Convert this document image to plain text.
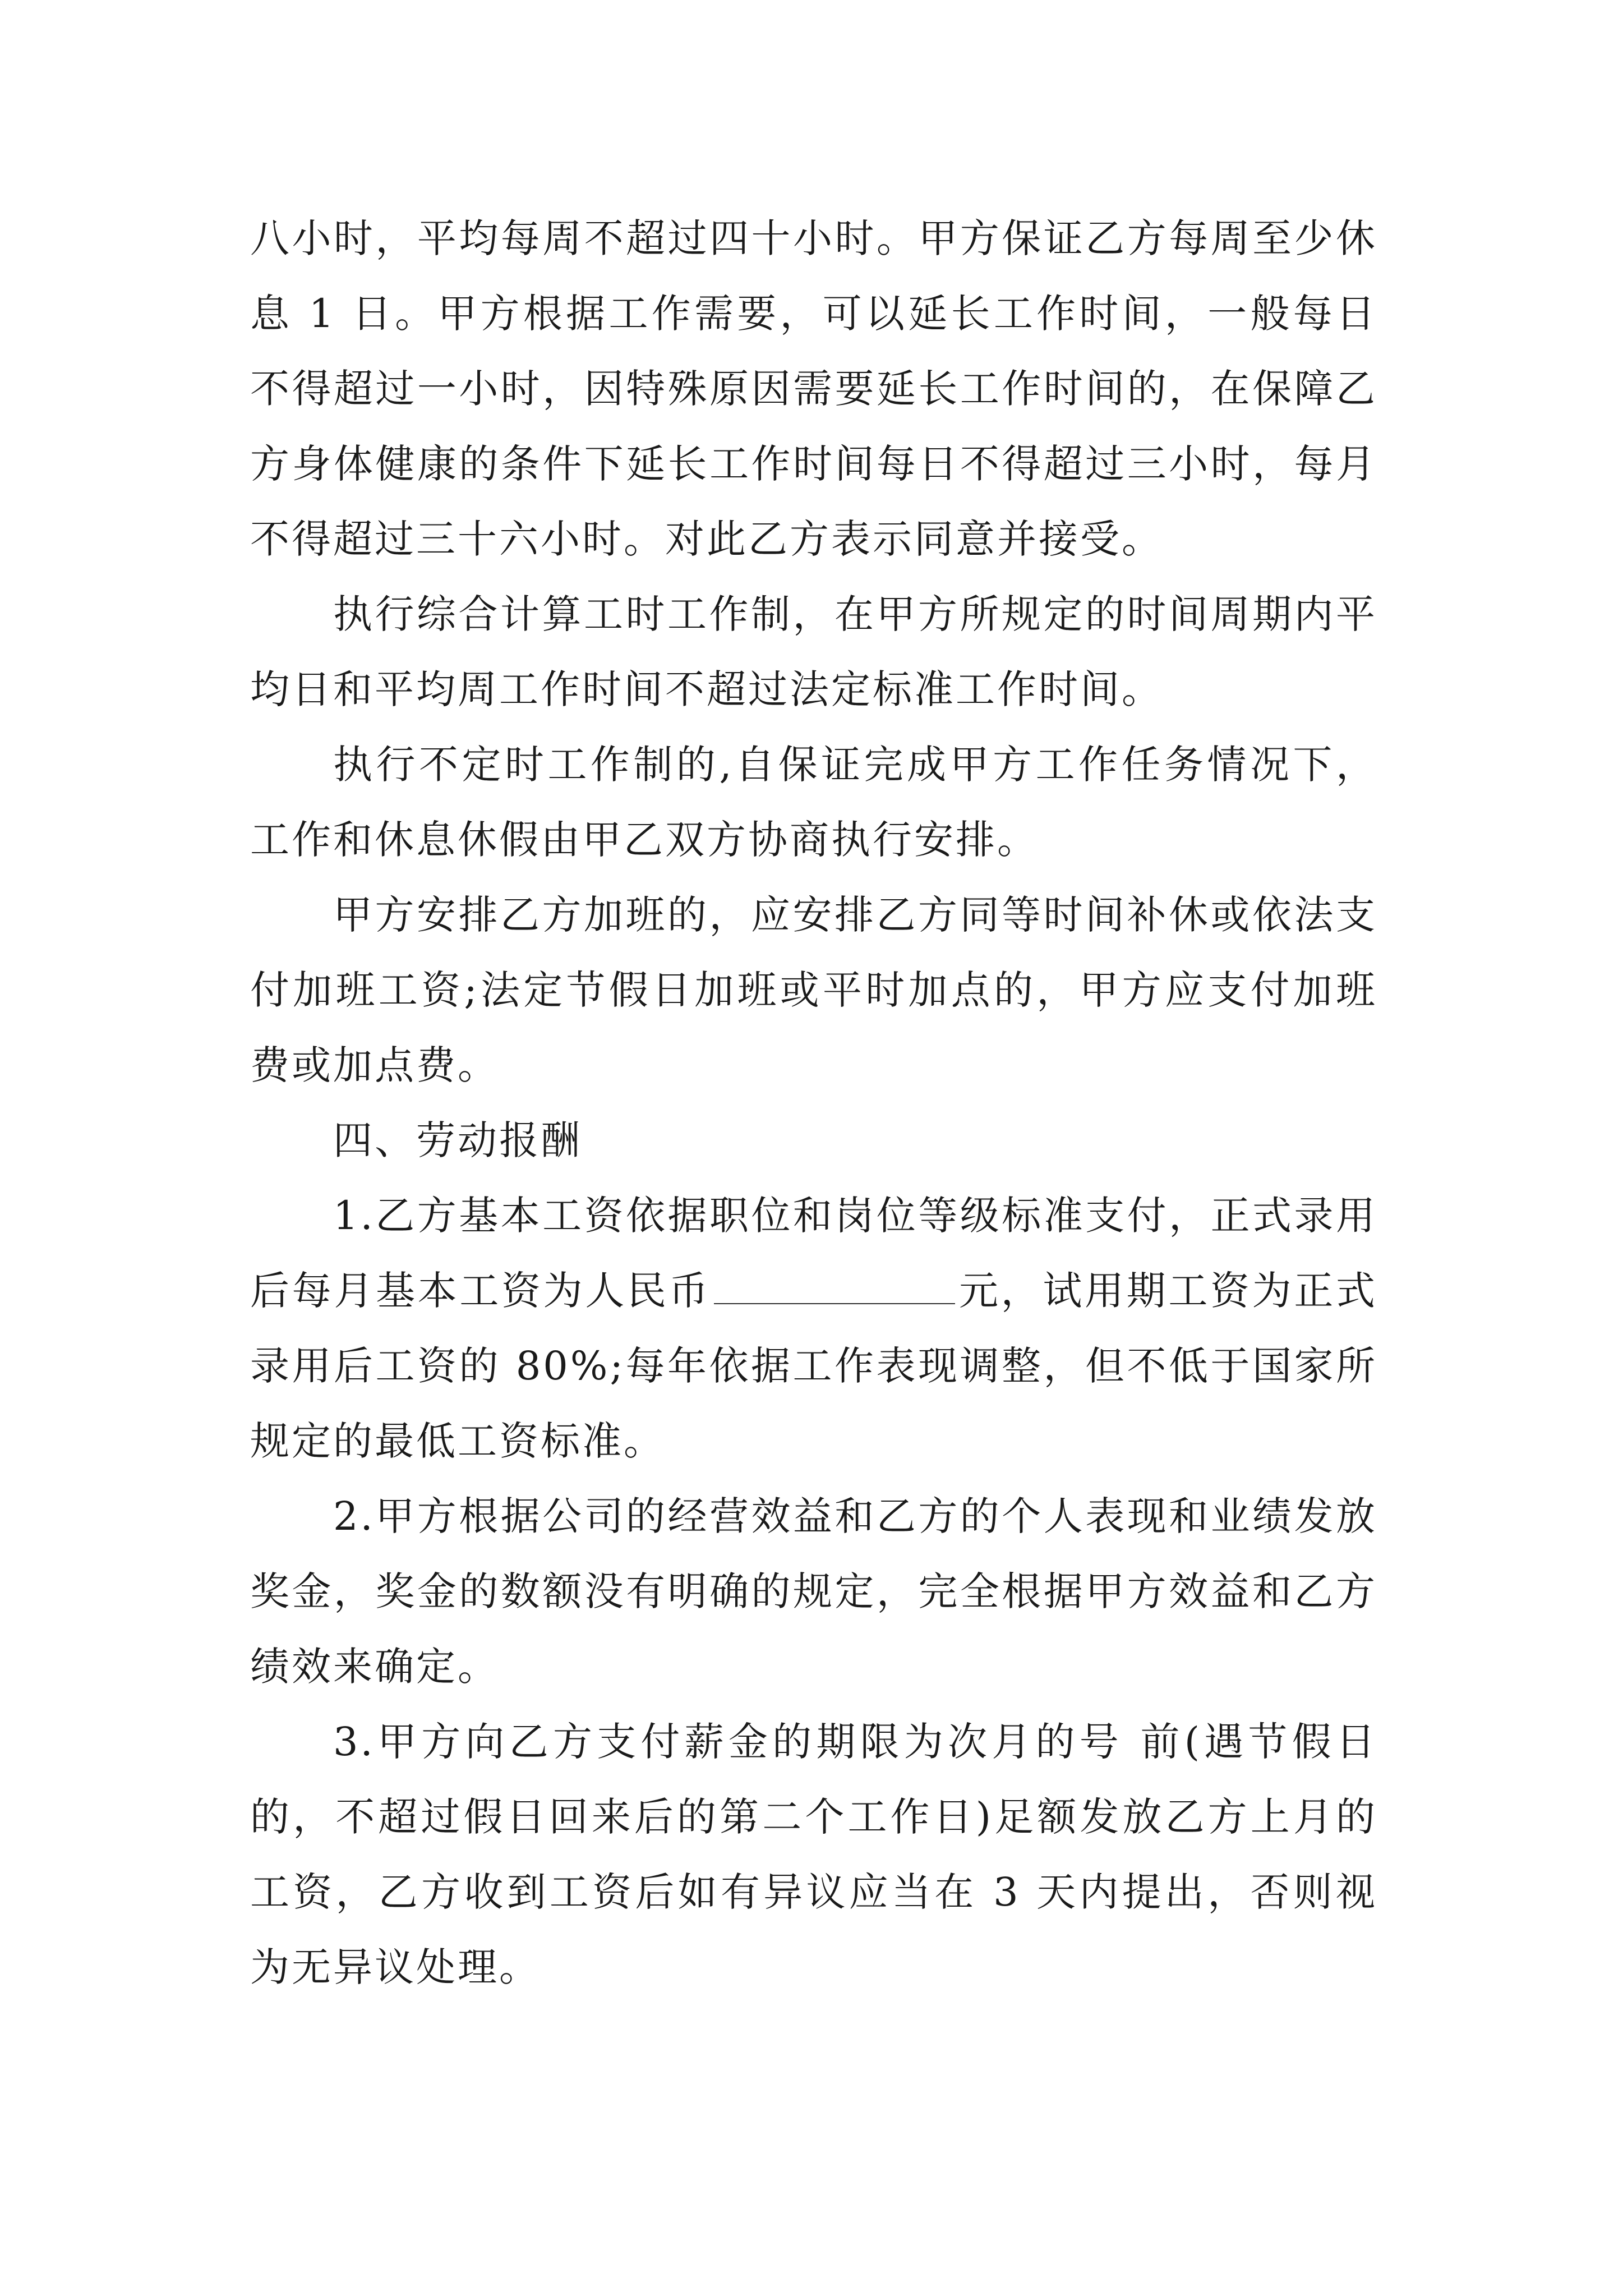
八小时，平均每周不超过四十小时。甲方保证乙方每周至少休息 1 日。甲方根据工作需要，可以延长工作时间，一般每日不得超过一小时，因特殊原因需要延长工作时间的，在保障乙方身体健康的条件下延长工作时间每日不得超过三小时，每月不得超过三十六小时。对此乙方表示同意并接受。

执行综合计算工时工作制，在甲方所规定的时间周期内平均日和平均周工作时间不超过法定标准工作时间。

执行不定时工作制的,自保证完成甲方工作任务情况下，工作和休息休假由甲乙双方协商执行安排。

甲方安排乙方加班的，应安排乙方同等时间补休或依法支付加班工资;法定节假日加班或平时加点的，甲方应支付加班费或加点费。

四、劳动报酬

1.乙方基本工资依据职位和岗位等级标准支付，正式录用后每月基本工资为人民币	元，试用期工资为正式录用后工资的 80%;每年依据工作表现调整，但不低于国家所规定的最低工资标准。

2.甲方根据公司的经营效益和乙方的个人表现和业绩发放奖金，奖金的数额没有明确的规定，完全根据甲方效益和乙方绩效来确定。

3.甲方向乙方支付薪金的期限为次月的号 前(遇节假日的，不超过假日回来后的第二个工作日)足额发放乙方上月的工资，乙方收到工资后如有异议应当在 3 天内提出，否则视为无异议处理。
